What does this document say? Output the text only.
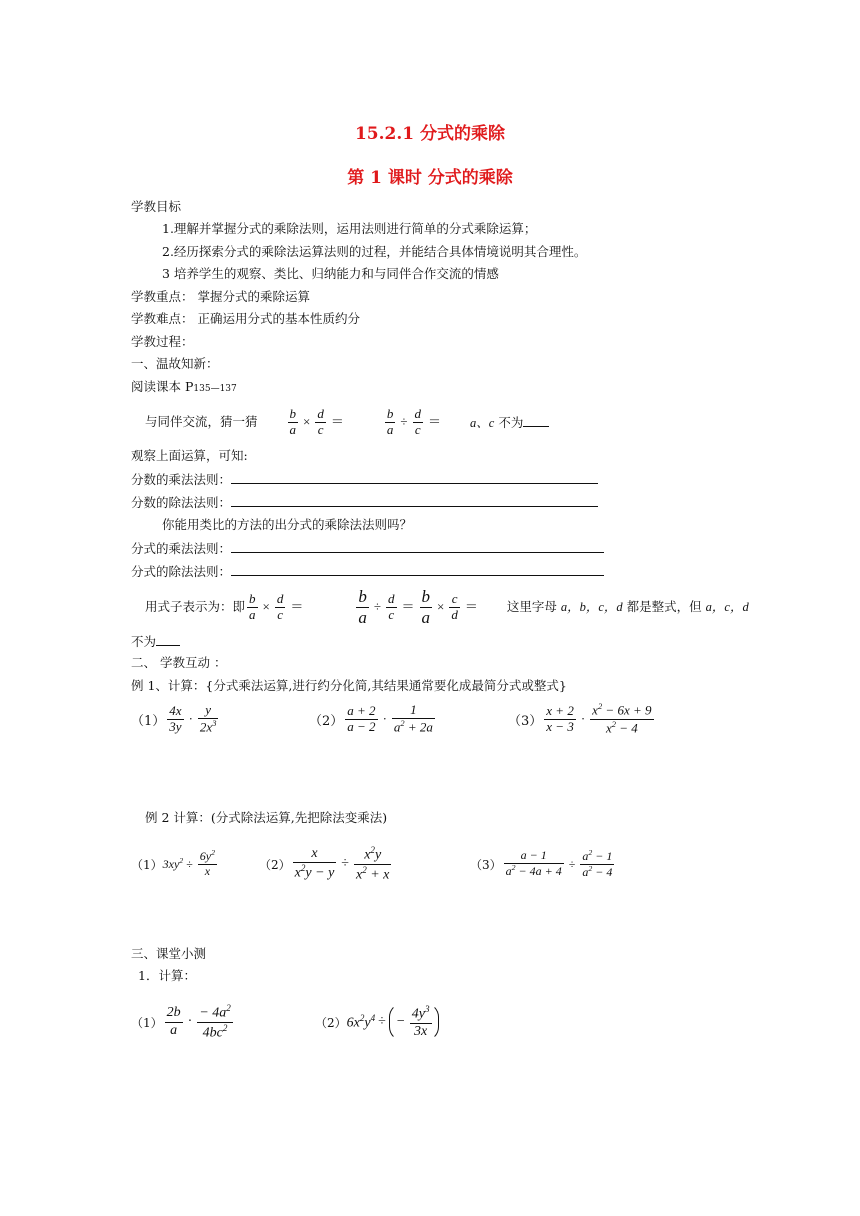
15.2.1 分式的乘除
第 1 课时 分式的乘除
学教目标
1.理解并掌握分式的乘除法则，运用法则进行简单的分式乘除运算；
2.经历探索分式的乘除法运算法则的过程，并能结合具体情境说明其合理性。
3 培养学生的观察、类比、归纳能力和与同伴合作交流的情感
学教重点： 掌握分式的乘除运算
学教难点： 正确运用分式的基本性质约分
学教过程：
一、温故知新：
阅读课本 P135—137
与同伴交流，猜一猜 $\frac{b}{a} \times \frac{d}{c}$ ＝	$\frac{b}{a} \div \frac{d}{c} = a$、c 不为
观察上面运算，可知:
分数的乘法法则：
分数的除法法则：
你能用类比的方法的出分式的乘除法法则吗？
分式的乘法法则：
分式的除法法则：
用式子表示为：即 $\frac{b}{a} \times \frac{d}{c}$ ＝	$\frac{b}{a} \div \frac{d}{c} = \frac{b}{a} \times \frac{c}{d}$ ＝ 这里字母 a，b，c，d 都是整式，但 a，c，d
不为
二、 学教互动 ：
例 1、计算：{分式乘法运算,进行约分化简,其结果通常要化成最简分式或整式}
$(1) \frac{4x}{3y} \cdot \frac{y}{2x^3}$	$(2) \frac{a + 2}{a - 2} \cdot \frac{1}{a^2 + 2a}$	$(3) \frac{x + 2}{x - 3} \cdot \frac{x^2 - 6x + 9}{x^2 - 4}$
例 2 计算：(分式除法运算,先把除法变乘法)
（1） $3xy^2 \div \frac{6y^2}{x}$	$(2) \frac{x}{x^2y - y} \div \frac{x^2y}{x^2 + x}$	$(3) \frac{a - 1}{a^2 - 4a + 4} \div \frac{a^2 - 1}{a^2 - 4}$
三、课堂小测
1．计算：
$(1) \frac{2b}{a} \cdot \frac{- 4a^2}{4bc^2}$	（2） $6x^2y^4$ ÷ − $\frac{4y^3}{3x}$
